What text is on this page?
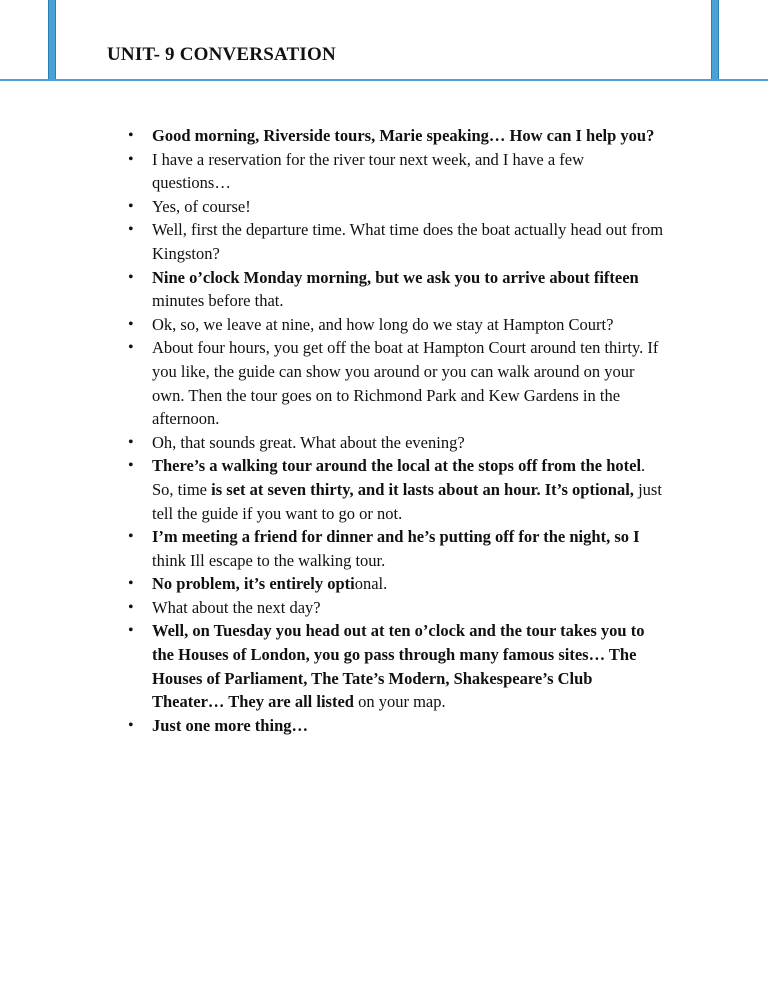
UNIT- 9 CONVERSATION
• Good morning, Riverside tours, Marie speaking… How can I help you?
• I have a reservation for the river tour next week, and I have a few questions…
• Yes, of course!
• Well, first the departure time. What time does the boat actually head out from Kingston?
• Nine o’clock Monday morning, but we ask you to arrive about fifteen minutes before that.
• Ok, so, we leave at nine, and how long do we stay at Hampton Court?
• About four hours, you get off the boat at Hampton Court around ten thirty. If you like, the guide can show you around or you can walk around on your own. Then the tour goes on to Richmond Park and Kew Gardens in the afternoon.
• Oh, that sounds great. What about the evening?
• There’s a walking tour around the local at the stops off from the hotel. So, time is set at seven thirty, and it lasts about an hour. It’s optional, just tell the guide if you want to go or not.
• I’m meeting a friend for dinner and he’s putting off for the night, so I think Ill escape to the walking tour.
• No problem, it’s entirely optional.
• What about the next day?
• Well, on Tuesday you head out at ten o’clock and the tour takes you to the Houses of London, you go pass through many famous sites… The Houses of Parliament, The Tate’s Modern, Shakespeare’s Club Theater… They are all listed on your map.
• Just one more thing…
